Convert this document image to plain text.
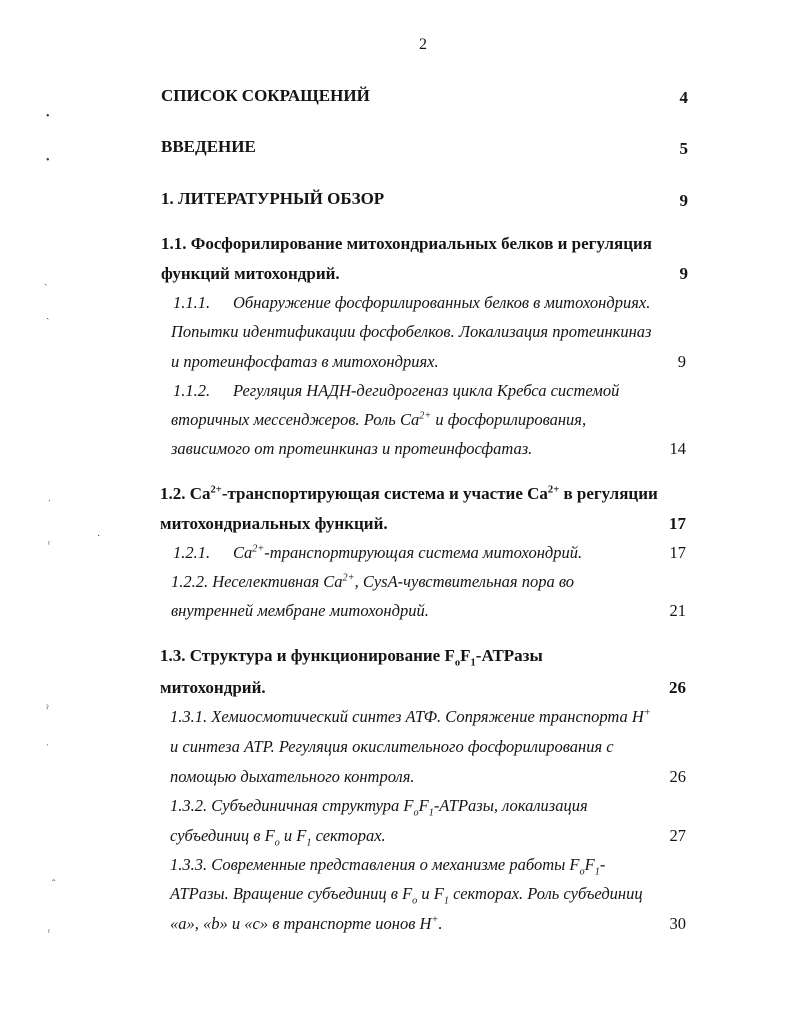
2
•
•
ˎ
ˏ
ˌ
·
ʳ
ˀ
ˈ
ˆ
ʳ
СПИСОК СОКРАЩЕНИЙ	4
ВВЕДЕНИЕ	5
1. ЛИТЕРАТУРНЫЙ ОБЗОР	9
1.1. Фосфорилирование митохондриальных белков и регуляция
функций митохондрий.	9
1.1.1. Обнаружение фосфорилированных белков в митохондриях.
Попытки идентификации фосфобелков. Локализация протеинкиназ
и протеинфосфатаз в митохондриях.	9
1.1.2. Регуляция НАДН-дегидрогеназ цикла Кребса системой
вторичных мессенджеров. Роль $Ca^{2+}$ и фосфорилирования,
зависимого от протеинкиназ и протеинфосфатаз.	14
1.2. $Ca^{2+}$-транспортирующая система и участие $Ca^{2+}$ в регуляции
митохондриальных функций.	17
1.2.1. $Ca^{2+}$-транспортирующая система митохондрий.	17
1.2.2. Неселективная $Ca^{2+}$, CysA-чувствительная пора во
внутренней мембране митохондрий.	21
1.3. Структура и функционирование $F_oF_1$-ATPазы
митохондрий.	26
1.3.1. Хемиосмотический синтез АТФ. Сопряжение транспорта H+
и синтеза ATP. Регуляция окислительного фосфорилирования с
помощью дыхательного контроля.	26
1.3.2. Субъединичная структура $F_oF_1$-ATPазы, локализация
субъединиц в $F_o$ и $F_1$ секторах.	27
1.3.3. Современные представления о механизме работы $F_oF_1-$
ATPазы. Вращение субъединиц в $F_o$ и $F_1$ секторах. Роль субъединиц
«a», «b» и «c» в транспорте ионов H+.	30
